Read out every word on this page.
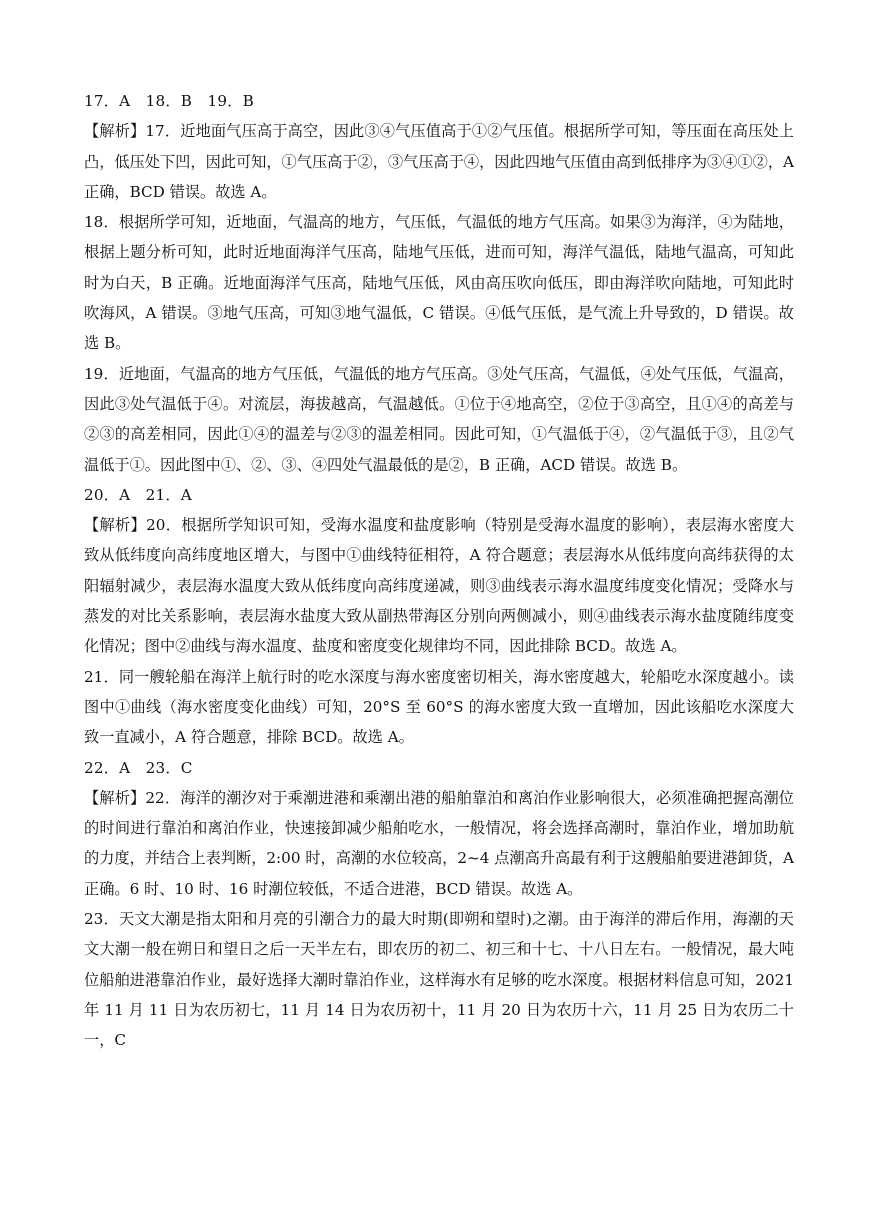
17．A　18．B　19．B

【解析】17．近地面气压高于高空，因此③④气压值高于①②气压值。根据所学可知，等压面在高压处上凸，低压处下凹，因此可知，①气压高于②，③气压高于④，因此四地气压值由高到低排序为③④①②，A 正确，BCD 错误。故选 A。

18．根据所学可知，近地面，气温高的地方，气压低，气温低的地方气压高。如果③为海洋，④为陆地，根据上题分析可知，此时近地面海洋气压高，陆地气压低，进而可知，海洋气温低，陆地气温高，可知此时为白天，B 正确。近地面海洋气压高，陆地气压低，风由高压吹向低压，即由海洋吹向陆地，可知此时吹海风，A 错误。③地气压高，可知③地气温低，C 错误。④低气压低，是气流上升导致的，D 错误。故选 B。

19．近地面，气温高的地方气压低，气温低的地方气压高。③处气压高，气温低，④处气压低，气温高，因此③处气温低于④。对流层，海拔越高，气温越低。①位于④地高空，②位于③高空，且①④的高差与②③的高差相同，因此①④的温差与②③的温差相同。因此可知，①气温低于④，②气温低于③，且②气温低于①。因此图中①、②、③、④四处气温最低的是②，B 正确，ACD 错误。故选 B。

20．A　21．A

【解析】20．根据所学知识可知，受海水温度和盐度影响（特别是受海水温度的影响），表层海水密度大致从低纬度向高纬度地区增大，与图中①曲线特征相符，A 符合题意；表层海水从低纬度向高纬获得的太阳辐射减少，表层海水温度大致从低纬度向高纬度递减，则③曲线表示海水温度纬度变化情况；受降水与蒸发的对比关系影响，表层海水盐度大致从副热带海区分别向两侧减小，则④曲线表示海水盐度随纬度变化情况；图中②曲线与海水温度、盐度和密度变化规律均不同，因此排除 BCD。故选 A。

21．同一艘轮船在海洋上航行时的吃水深度与海水密度密切相关，海水密度越大，轮船吃水深度越小。读图中①曲线（海水密度变化曲线）可知，20°S 至 60°S 的海水密度大致一直增加，因此该船吃水深度大致一直减小，A 符合题意，排除 BCD。故选 A。

22．A　23．C

【解析】22．海洋的潮汐对于乘潮进港和乘潮出港的船舶靠泊和离泊作业影响很大，必须准确把握高潮位的时间进行靠泊和离泊作业，快速接卸减少船舶吃水，一般情况，将会选择高潮时，靠泊作业，增加助航的力度，并结合上表判断，2:00 时，高潮的水位较高，2~4 点潮高升高最有利于这艘船舶要进港卸货，A 正确。6 时、10 时、16 时潮位较低，不适合进港，BCD 错误。故选 A。

23．天文大潮是指太阳和月亮的引潮合力的最大时期(即朔和望时)之潮。由于海洋的滞后作用，海潮的天文大潮一般在朔日和望日之后一天半左右，即农历的初二、初三和十七、十八日左右。一般情况，最大吨位船舶进港靠泊作业，最好选择大潮时靠泊作业，这样海水有足够的吃水深度。根据材料信息可知，2021 年 11 月 11 日为农历初七，11 月 14 日为农历初十，11 月 20 日为农历十六，11 月 25 日为农历二十一，C
